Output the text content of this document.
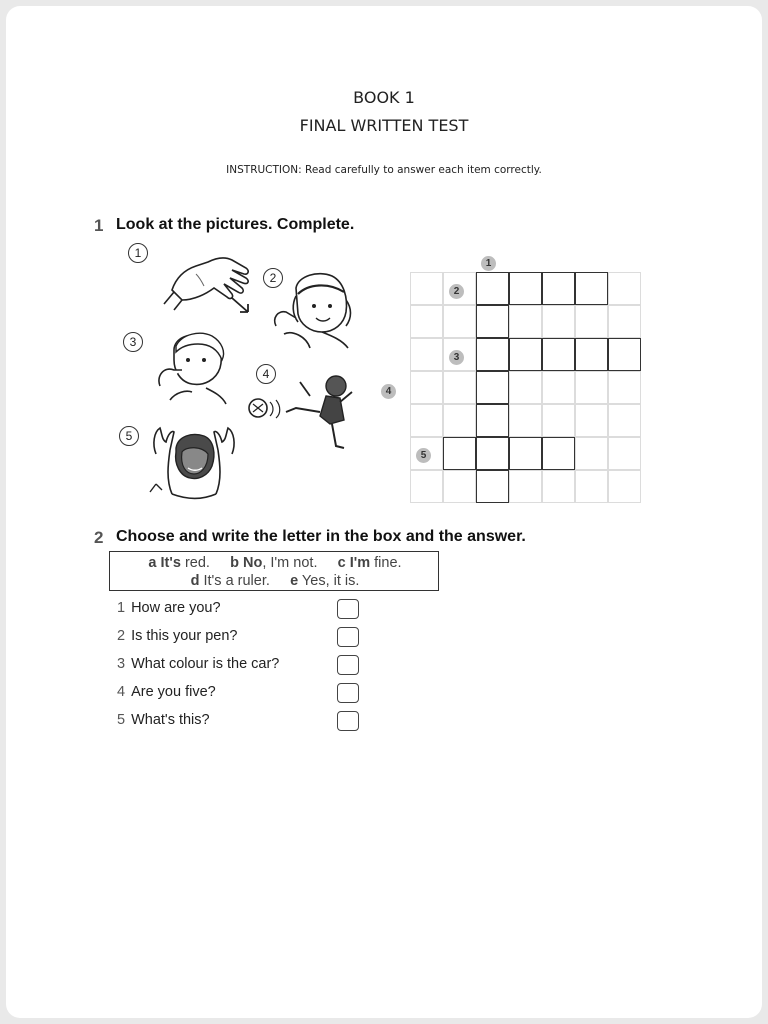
BOOK 1
FINAL WRITTEN TEST
INSTRUCTION: Read carefully to answer each item correctly.
1 Look at the pictures. Complete.
1
2
3
4
5
1
2
3
4
5
2 Choose and write the letter in the box and the answer.
a It's red. b No, I'm not. c I'm fine.
d It's a ruler. e Yes, it is.
1 How are you?
2 Is this your pen?
3 What colour is the car?
4 Are you five?
5 What's this?
